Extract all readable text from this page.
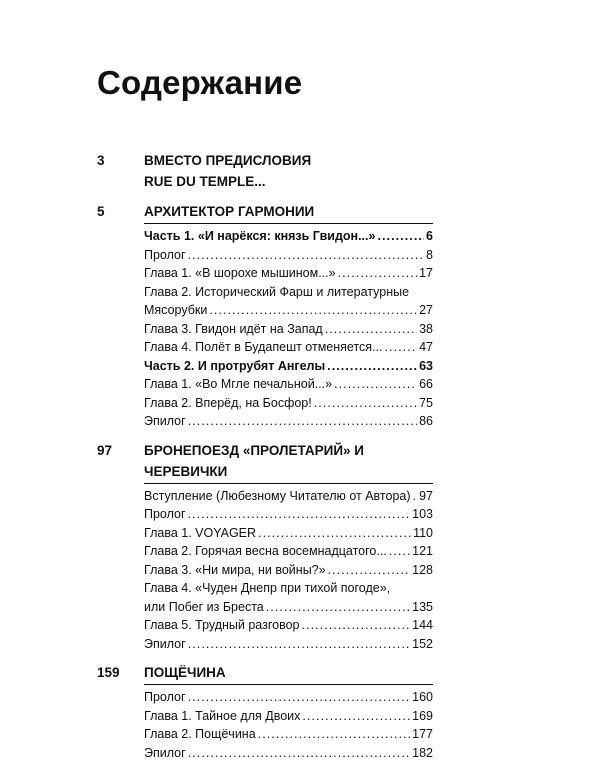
Содержание
3	ВМЕСТО ПРЕДИСЛОВИЯ
RUE DU TEMPLE...
5	АРХИТЕКТОР ГАРМОНИИ
Часть 1. «И нарёкся: князь Гвидон...» . . .	6
Пролог . . .	8
Глава 1. «В шорохе мышином...» . . .	17
Глава 2. Исторический Фарш и литературные
Мясорубки . . .	27
Глава 3. Гвидон идёт на Запад . . .	38
Глава 4. Полёт в Будапешт отменяется... . . .	47
Часть 2. И протрубят Ангелы . . .	63
Глава 1. «Во Мгле печальной...» . . .	66
Глава 2. Вперёд, на Босфор! . . .	75
Эпилог . . .	86
97 БРОНЕПОЕЗД «ПРОЛЕТАРИЙ» И ЧЕРЕВИЧКИ
Вступление (Любезному Читателю от Автора) . . . 97
Пролог . . .	103
Глава 1. VOYAGER . . .	110
Глава 2. Горячая весна восемнадцатого... . . . 121
Глава 3. «Ни мира, ни войны?» . . .	128
Глава 4. «Чуден Днепр при тихой погоде»,
или Побег из Бреста . . .	135
Глава 5. Трудный разговор . . .	144
Эпилог . . .	152
159 ПОЩЁЧИНА
Пролог . . .	160
Глава 1. Тайное для Двоих . . .	169
Глава 2. Пощёчина . . .	177
Эпилог . . .	182
